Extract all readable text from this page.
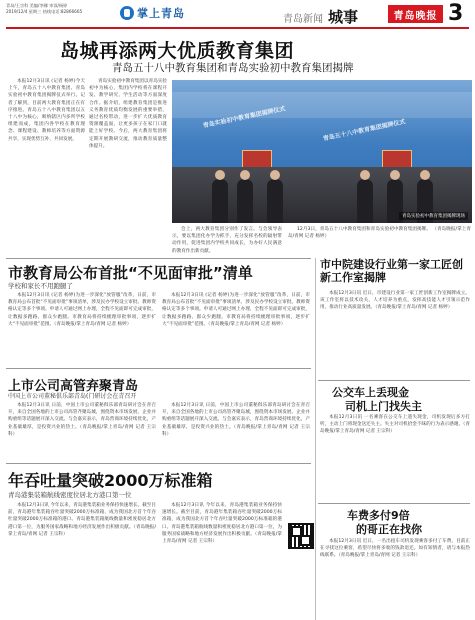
青岛/王宗科 美编/李娜 审读/杨婷
2019/12/4 星期三 热线电话:82866665	掌上青岛	青岛新闻 城事	青岛晚报 3
岛城再添两大优质教育集团
青岛五十八中教育集团和青岛实验初中教育集团揭牌

本报12月3日讯 (记者 杨婷)今天上午，青岛五十八中教育集团、青岛实验初中教育集团揭牌仪式举行。记者了解到，目前两大教育集团正在有序推进。青岛五十八中教育集团以五十八中为核心，吸纳辖区内多所学校组建而成，集团内各学校在教育理念、课程建设、教师培养等方面资源共享，实现优势互补、共同发展。

青岛实验初中教育集团以青岛实验初中为核心，集团内学校将在课程开发、教学研究、学生活动等方面深度合作。据介绍，组建教育集团是推进义务教育优质均衡发展的重要举措，通过名校带动，进一步扩大优质教育资源覆盖面，让更多孩子在家门口就能上好学校。今后，两大教育集团将定期开展教研交流，推动教育质量整体提升。

青岛实验初中教育集团揭牌仪式
青岛五十八中教育集团揭牌仪式
青岛实验初中教育集团揭牌现场

会上，两大教育集团分别作了发言。与会领导表示，要以集团化办学为抓手，充分发挥名校的辐射带动作用，促进集团内学校共同成长，为办好人民满意的教育作出新贡献。

12月3日，青岛五十八中教育集团和青岛实验初中教育集团揭牌。 （青岛晚报/掌上青岛/青网 记者 杨婷）

市教育局公布首批“不见面审批”清单
学校和家长不用跑腿了

本报12月3日讯 (记者 杨婷)为进一步深化“放管服”改革，日前，市教育局公布首批“不见面审批”事项清单，涉及民办学校设立审批、教师资格认定等多个事项。申请人可通过网上办理，全程不见面即可完成审批，让数据多跑路、群众少跑腿。市教育局将持续梳理审批事项，逐步扩大“不见面审批”范围。（青岛晚报/掌上青岛/青网 记者 杨婷）

本报12月3日讯 (记者 杨婷)为进一步深化“放管服”改革，日前，市教育局公布首批“不见面审批”事项清单，涉及民办学校设立审批、教师资格认定等多个事项。申请人可通过网上办理，全程不见面即可完成审批，让数据多跑路、群众少跑腿。市教育局将持续梳理审批事项，逐步扩大“不见面审批”范围。（青岛晚报/掌上青岛/青网 记者 杨婷）

市中院建设行业第一家工匠创新工作室揭牌

本报12月3日讯 近日，市建设行业第一家工匠创新工作室揭牌成立。该工作室将以技术攻关、人才培养为重点，发挥高技能人才引领示范作用，推动行业高质量发展。（青岛晚报/掌上青岛/青网 记者 杨婷）

上市公司高管弃聚青岛
中国上市公司董秘俱乐部青岛(门研讨会在青召开

本报12月3日讯 日前，中国上市公司董秘俱乐部青岛研讨会在青召开，来自全国各地的上市公司高管齐聚岛城，围绕资本市场发展、企业并购重组等话题展开深入交流。与会嘉宾表示，青岛营商环境持续优化，产业基础雄厚，是投资兴业的热土。（青岛晚报/掌上青岛/青网 记者 王宗科）

本报12月3日讯 日前，中国上市公司董秘俱乐部青岛研讨会在青召开，来自全国各地的上市公司高管齐聚岛城，围绕资本市场发展、企业并购重组等话题展开深入交流。与会嘉宾表示，青岛营商环境持续优化，产业基础雄厚，是投资兴业的热土。（青岛晚报/掌上青岛/青网 记者 王宗科）

年吞吐量突破2000万标准箱
青岛港集装箱航线密度位居北方港口第一位

本报12月3日讯 今年以来，青岛港集装箱业务保持快速增长。截至目前，青岛港年集装箱吞吐量突破2000万标准箱，成为我国北方首个年吞吐量突破2000万标准箱的港口。青岛港集装箱航线数量和密度稳居北方港口第一位，为服务国家战略和地方经济发展作出积极贡献。（青岛晚报/掌上青岛/青网 记者 王宗科）

本报12月3日讯 今年以来，青岛港集装箱业务保持快速增长。截至目前，青岛港年集装箱吞吐量突破2000万标准箱，成为我国北方首个年吞吐量突破2000万标准箱的港口。青岛港集装箱航线数量和密度稳居北方港口第一位，为服务国家战略和地方经济发展作出积极贡献。（青岛晚报/掌上青岛/青网 记者 王宗科）

公交车上丢现金
司机上门找失主

本报12月3日讯 一名乘客在公交车上遗失现金，司机发现后多方打听，主动上门将现金送还失主。失主对司机拾金不昧的行为表示感谢。（青岛晚报/掌上青岛/青网 记者 王宗科）

车费多付9倍
的哥正在找你

本报12月3日讯 近日，一名出租车司机发现乘客多付了车费，目前正在寻找这位乘客，希望尽快将多收的钱款退还。如有知情者，请与本报热线联系。（青岛晚报/掌上青岛/青网 记者 王宗科）
